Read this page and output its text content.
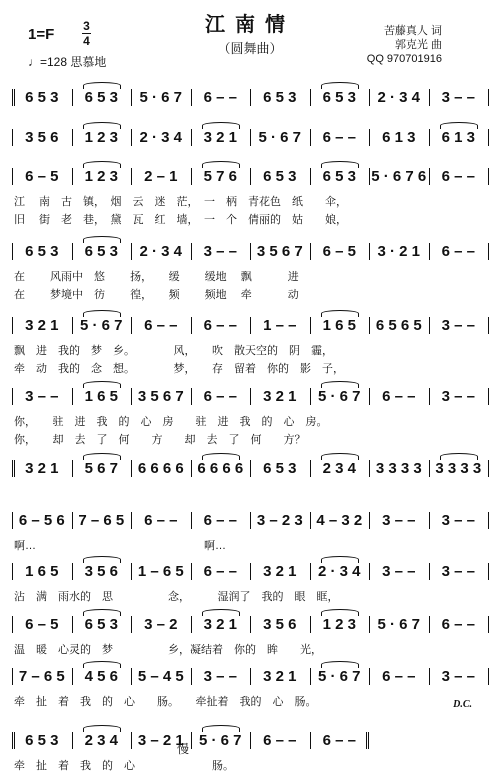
江南情
（圆舞曲）
1=F 3
4
♩=128 思慕地
苦藤真人 词
郭克光 曲
QQ 970701916
6 5 3	6 5 3	5 · 6 7	6 – –	6 5 3	6 5 3	2 · 3 4	3 – –
3 5 6	1 2 3	2 · 3 4	3 2 1	5 · 6 7	6 – –	6 1 3	6 1 3
6 – 5	1 2 3	2 – 1	5 7 6	6 5 3	6 5 3	5 · 6 7 6	6 – –
江　 南　古　镇，　烟　云　迷　茫，　一　柄　青花色　纸　　伞，
旧　 街　老　巷，　黛　瓦　红　墙，　一　个　倩丽的　姑　　娘，
6 5 3	6 5 3	2 · 3 4	3 – –	3 5 6 7	6 – 5	3 · 2 1	6 – –
在　　 风雨中　悠　　 扬，　　缓　　 缓地　 飘　　　 进
在　　 梦境中　彷　　 徨，　　频　　 频地　 牵　　　 动
3 2 1	5 · 6 7	6 – –	6 – –	1 – –	1 6 5	6 5 6 5	3 – –
飘　进　我的　梦　乡。　　　　风，　　吹　散天空的　阴　霾，
牵　动　我的　念　想。　　　　梦，　　存　留着　你的　影　子，
3 – –	1 6 5	3 5 6 7	6 – –	3 2 1	5 · 6 7	6 – –	3 – –
你，　　驻　进　我　的　心　房　　驻　进　我　的　心　房。
你，　　却　去　了　何　　方　　却　去　了　何　　方？
3 2 1	5 6 7	6 6 6 6 6 6 6 6	6 5 3	2 3 4	3 3 3 3 3 3 3 3
6 – 5 6 7 – 6 5	6 – –	6 – –	3 – 2 3 4 – 3 2	3 – –	3 – –
啊…　　　　　　　　　　　　　　　 啊…
1 6 5	3 5 6	1 – 6 5	6 – –	3 2 1	2 · 3 4	3 – –	3 – –
沾　满　雨水的　思　　　　　念，　　　湿润了　我的　眼　眶，
6 – 5	6 5 3	3 – 2	3 2 1	3 5 6	1 2 3	5 · 6 7	6 – –
温　暖　心灵的　梦　　　　　乡，凝结着　你的　眸　　光，
7 – 6 5	4 5 6	5 – 4 5	3 – –	3 2 1	5 · 6 7	6 – –	3 – –
牵　扯　着　我　的　心　　肠。　　牵扯着　我的　心　肠。
6 5 3	2 3 4	3 – 2 1	5 · 6 7	6 – –	6 – –
牵　扯　着　我　的　心　　　　　　　肠。
D.C.
慢
